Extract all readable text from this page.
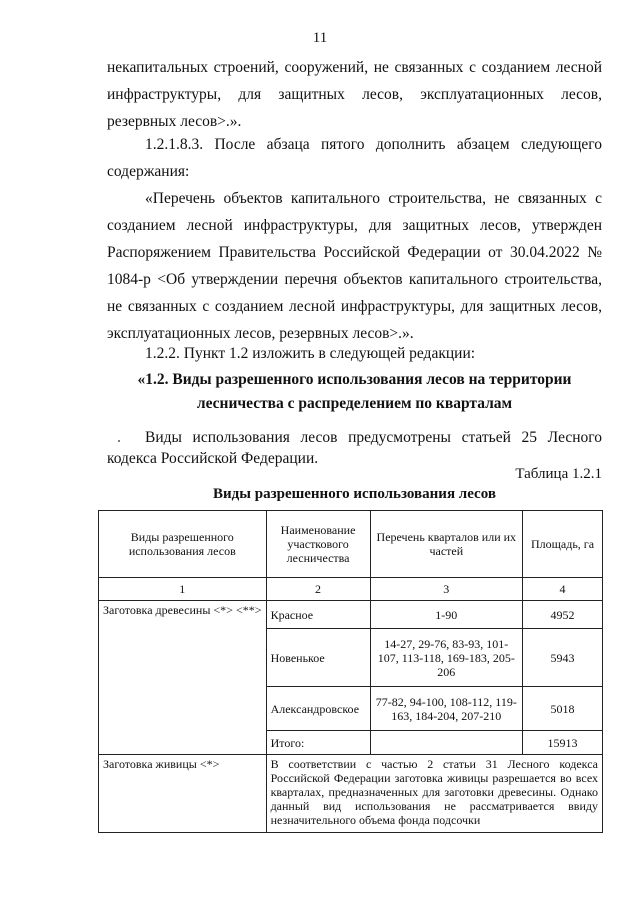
11

некапитальных строений, сооружений, не связанных с созданием лесной инфраструктуры, для защитных лесов, эксплуатационных лесов, резервных лесов>.».

1.2.1.8.3. После абзаца пятого дополнить абзацем следующего содержания:

«Перечень объектов капитального строительства, не связанных с созданием лесной инфраструктуры, для защитных лесов, утвержден Распоряжением Правительства Российской Федерации от 30.04.2022 № 1084-р <Об утверждении перечня объектов капитального строительства, не связанных с созданием лесной инфраструктуры, для защитных лесов, эксплуатационных лесов, резервных лесов>.».

1.2.2. Пункт 1.2 изложить в следующей редакции:

«1.2. Виды разрешенного использования лесов на территории лесничества с распределением по кварталам

Виды использования лесов предусмотрены статьей 25 Лесного кодекса Российской Федерации.

Таблица 1.2.1
Виды разрешенного использования лесов
Виды разрешенного использования лесов	Наименование участкового лесничества	Перечень кварталов или их частей	Площадь, га
1	2	3	4
Заготовка древесины <*> <**>	Красное	1-90	4952
	Новенькое	14-27, 29-76, 83-93, 101-107, 113-118, 169-183, 205-206	5943
	Александровское	77-82, 94-100, 108-112, 119-163, 184-204, 207-210	5018
	Итого:		15913
Заготовка живицы <*>	В соответствии с частью 2 статьи 31 Лесного кодекса Российской Федерации заготовка живицы разрешается во всех кварталах, предназначенных для заготовки древесины. Однако данный вид использования не рассматривается ввиду незначительного объема фонда подсочки		
